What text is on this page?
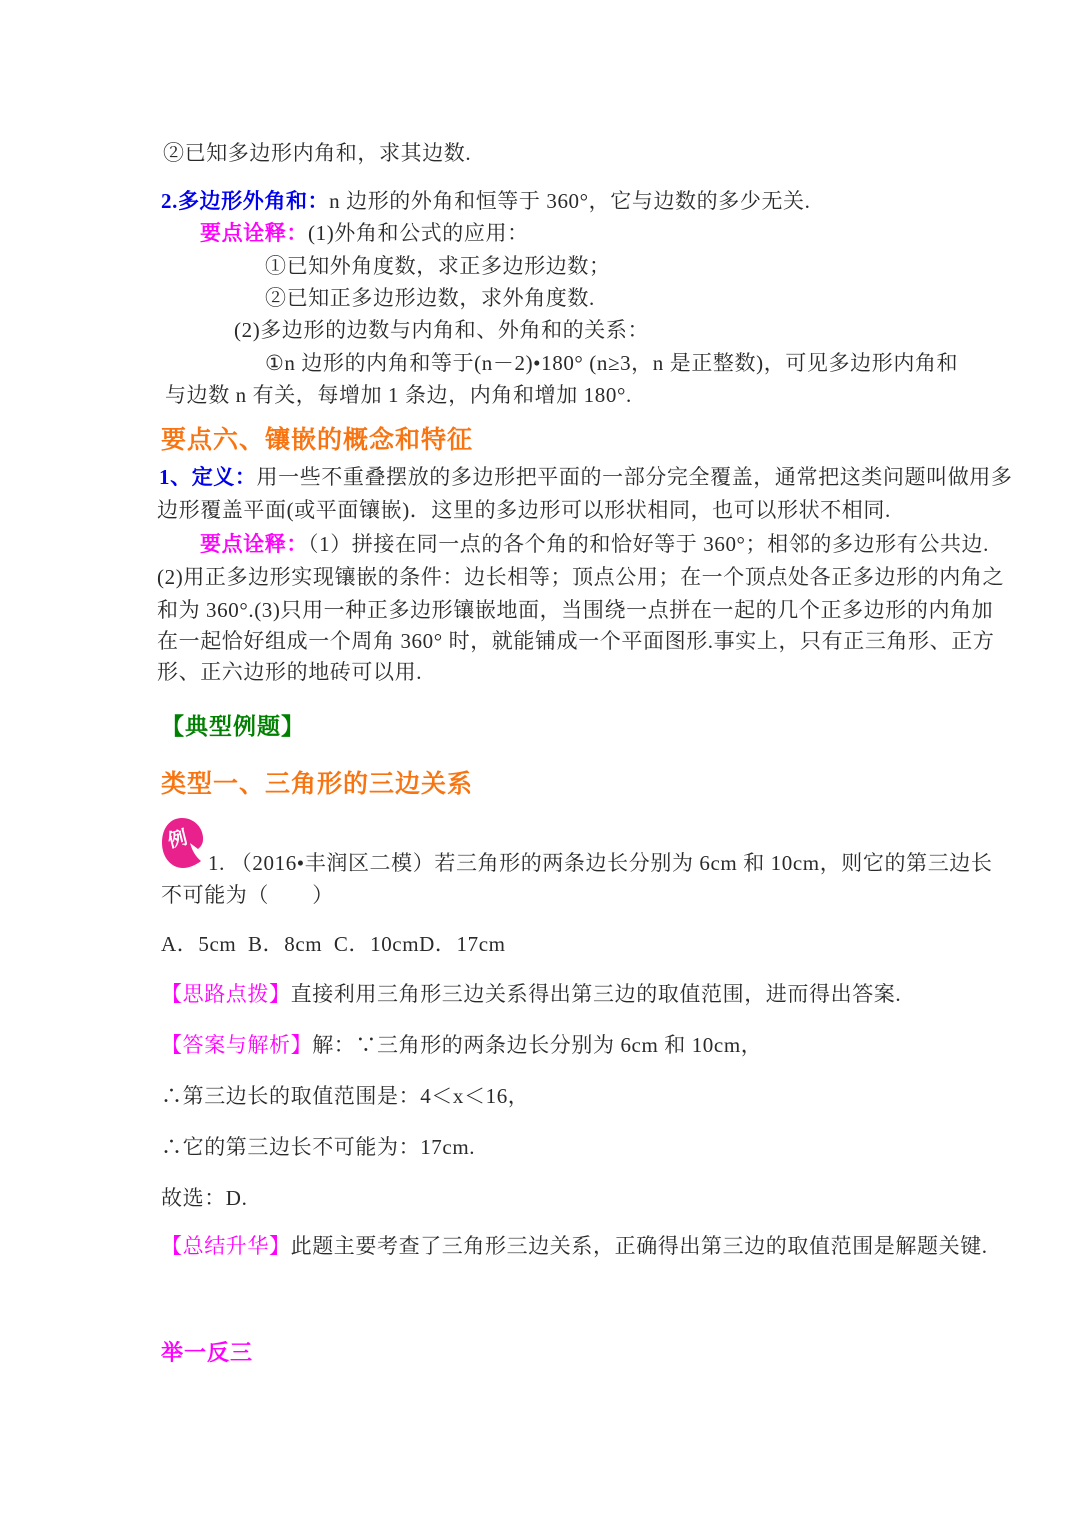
②已知多边形内角和，求其边数.
2.多边形外角和：n 边形的外角和恒等于 360°，它与边数的多少无关.
要点诠释：(1)外角和公式的应用：
①已知外角度数，求正多边形边数；
②已知正多边形边数，求外角度数.
(2)多边形的边数与内角和、外角和的关系：
①n 边形的内角和等于(n－2)•180° (n≥3，n 是正整数)，可见多边形内角和
与边数 n 有关，每增加 1 条边，内角和增加 180°.
要点六、镶嵌的概念和特征
1、定义：用一些不重叠摆放的多边形把平面的一部分完全覆盖，通常把这类问题叫做用多
边形覆盖平面(或平面镶嵌)．这里的多边形可以形状相同，也可以形状不相同.
要点诠释：（1）拼接在同一点的各个角的和恰好等于 360°；相邻的多边形有公共边.
(2)用正多边形实现镶嵌的条件：边长相等；顶点公用；在一个顶点处各正多边形的内角之
和为 360°.(3)只用一种正多边形镶嵌地面，当围绕一点拼在一起的几个正多边形的内角加
在一起恰好组成一个周角 360° 时，就能铺成一个平面图形.事实上，只有正三角形、正方
形、正六边形的地砖可以用.
【典型例题】
类型一、三角形的三边关系
例
1. （2016•丰润区二模）若三角形的两条边长分别为 6cm 和 10cm，则它的第三边长
不可能为（　　）
A．5cm  B．8cm  C．10cmD．17cm
【思路点拨】直接利用三角形三边关系得出第三边的取值范围，进而得出答案.
【答案与解析】解：∵三角形的两条边长分别为 6cm 和 10cm，
∴第三边长的取值范围是：4＜x＜16，
∴它的第三边长不可能为：17cm.
故选：D.
【总结升华】此题主要考查了三角形三边关系，正确得出第三边的取值范围是解题关键.
举一反三
